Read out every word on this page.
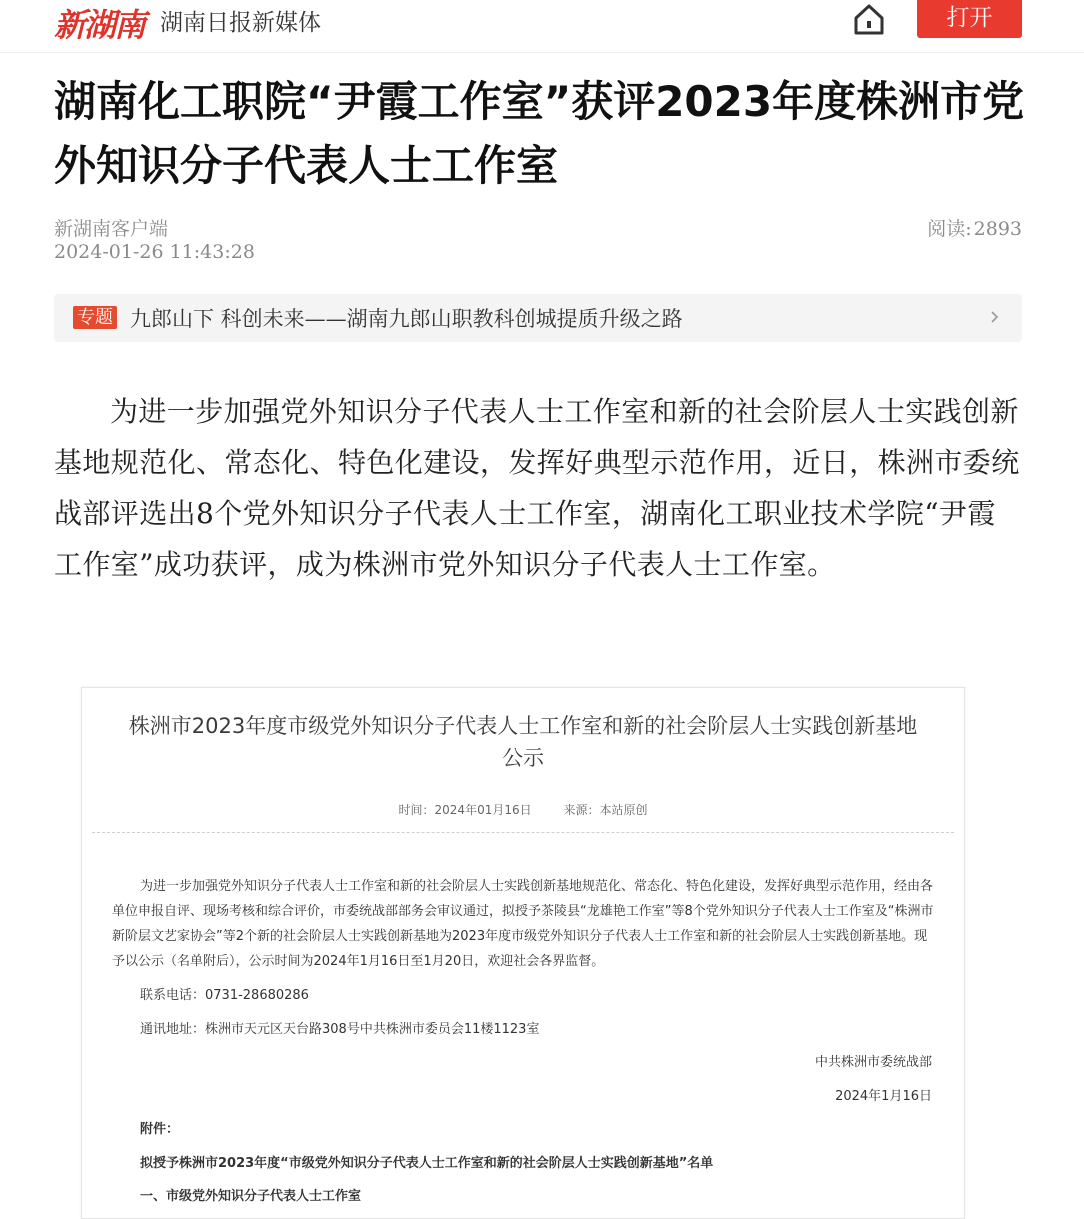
新湖南 湖南日报新媒体	打开
湖南化工职院“尹霞工作室”获评2023年度株洲市党外知识分子代表人士工作室
新湖南客户端
2024-01-26 11:43:28
阅读: 2893
专题 九郎山下 科创未来——湖南九郎山职教科创城提质升级之路
为进一步加强党外知识分子代表人士工作室和新的社会阶层人士实践创新基地规范化、常态化、特色化建设，发挥好典型示范作用，近日，株洲市委统战部评选出8个党外知识分子代表人士工作室，湖南化工职业技术学院“尹霞工作室”成功获评，成为株洲市党外知识分子代表人士工作室。
株洲市2023年度市级党外知识分子代表人士工作室和新的社会阶层人士实践创新基地
公示
时间：2024年01月16日	来源：本站原创
为进一步加强党外知识分子代表人士工作室和新的社会阶层人士实践创新基地规范化、常态化、特色化建设，发挥好典型示范作用，经由各单位申报自评、现场考核和综合评价，市委统战部部务会审议通过，拟授予茶陵县“龙雄艳工作室”等8个党外知识分子代表人士工作室及“株洲市新阶层文艺家协会”等2个新的社会阶层人士实践创新基地为2023年度市级党外知识分子代表人士工作室和新的社会阶层人士实践创新基地。现予以公示（名单附后），公示时间为2024年1月16日至1月20日，欢迎社会各界监督。
联系电话：0731-28680286
通讯地址：株洲市天元区天台路308号中共株洲市委员会11楼1123室
中共株洲市委统战部
2024年1月16日
附件：
拟授予株洲市2023年度“市级党外知识分子代表人士工作室和新的社会阶层人士实践创新基地”名单
一、市级党外知识分子代表人士工作室
